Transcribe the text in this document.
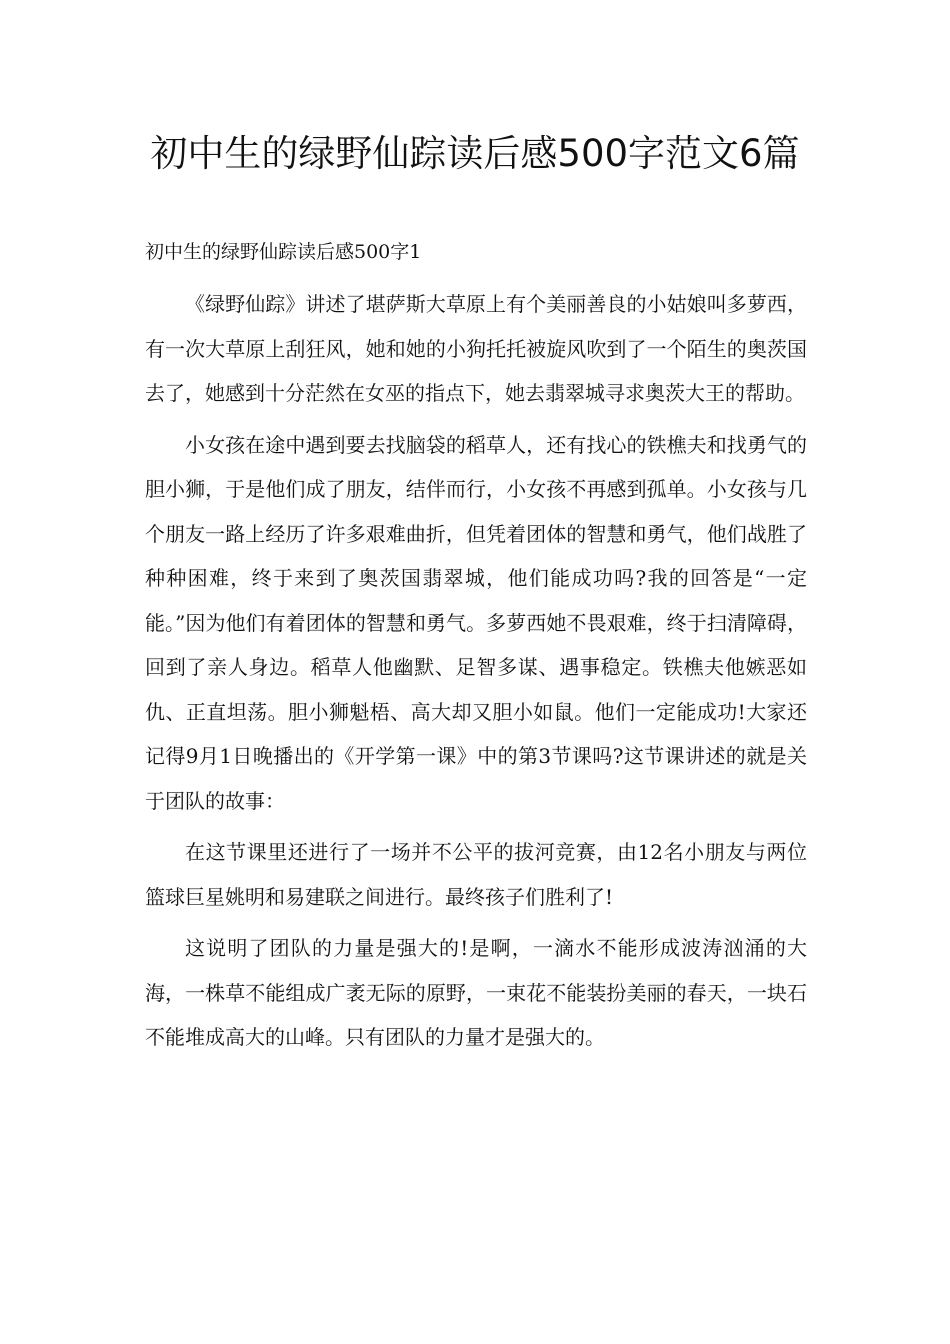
初中生的绿野仙踪读后感500字范文6篇
初中生的绿野仙踪读后感500字1

《绿野仙踪》讲述了堪萨斯大草原上有个美丽善良的小姑娘叫多萝西，有一次大草原上刮狂风，她和她的小狗托托被旋风吹到了一个陌生的奥茨国去了，她感到十分茫然在女巫的指点下，她去翡翠城寻求奥茨大王的帮助。

小女孩在途中遇到要去找脑袋的稻草人，还有找心的铁樵夫和找勇气的胆小狮，于是他们成了朋友，结伴而行，小女孩不再感到孤单。小女孩与几个朋友一路上经历了许多艰难曲折，但凭着团体的智慧和勇气，他们战胜了种种困难，终于来到了奥茨国翡翠城，他们能成功吗?我的回答是“一定能。”因为他们有着团体的智慧和勇气。多萝西她不畏艰难，终于扫清障碍，回到了亲人身边。稻草人他幽默、足智多谋、遇事稳定。铁樵夫他嫉恶如仇、正直坦荡。胆小狮魁梧、高大却又胆小如鼠。他们一定能成功!大家还记得9月1日晚播出的《开学第一课》中的第3节课吗?这节课讲述的就是关于团队的故事：

在这节课里还进行了一场并不公平的拔河竞赛，由12名小朋友与两位篮球巨星姚明和易建联之间进行。最终孩子们胜利了!

这说明了团队的力量是强大的!是啊，一滴水不能形成波涛汹涌的大海，一株草不能组成广袤无际的原野，一束花不能装扮美丽的春天，一块石不能堆成高大的山峰。只有团队的力量才是强大的。
